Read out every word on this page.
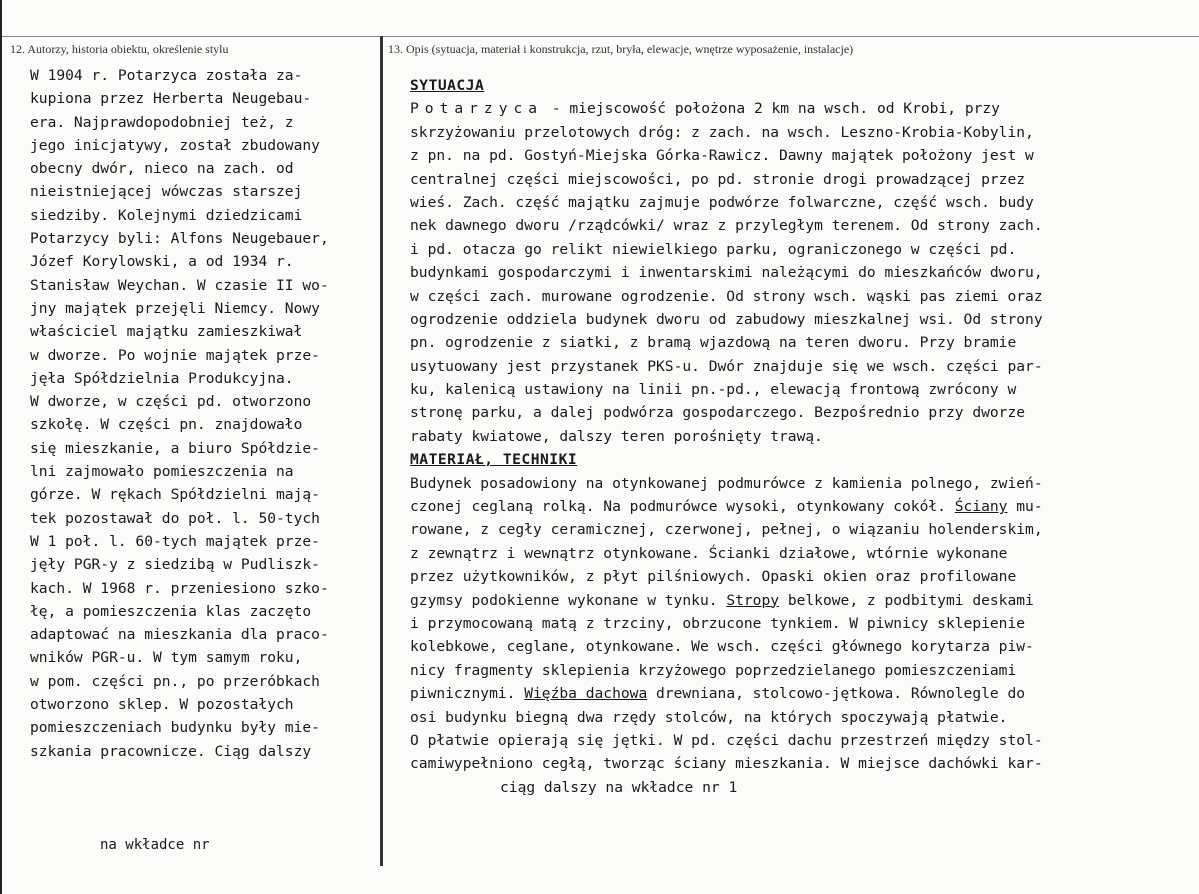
12. Autorzy, historia obiektu, określenie stylu	13. Opis (sytuacja, materiał i konstrukcja, rzut, bryła, elewacje, wnętrze wyposażenie, instalacje)
W 1904 r. Potarzyca została za-
kupiona przez Herberta Neugebau-
era. Najprawdopodobniej też, z
jego inicjatywy, został zbudowany
obecny dwór, nieco na zach. od
nieistniejącej wówczas starszej
siedziby. Kolejnymi dziedzicami
Potarzycy byli: Alfons Neugebauer,
Józef Korylowski, a od 1934 r.
Stanisław Weychan. W czasie II wo-
jny majątek przejęli Niemcy. Nowy
właściciel majątku zamieszkiwał
w dworze. Po wojnie majątek prze-
jęła Spółdzielnia Produkcyjna.
W dworze, w części pd. otworzono
szkołę. W części pn. znajdowało
się mieszkanie, a biuro Spółdzie-
lni zajmowało pomieszczenia na
górze. W rękach Spółdzielni mają-
tek pozostawał do poł. l. 50-tych
W 1 poł. l. 60-tych majątek prze-
jęły PGR-y z siedzibą w Pudliszk-
kach. W 1968 r. przeniesiono szko-
łę, a pomieszczenia klas zaczęto
adaptować na mieszkania dla praco-
wników PGR-u. W tym samym roku,
w pom. części pn., po przeróbkach
otworzono sklep. W pozostałych
pomieszczeniach budynku były mie-
szkania pracownicze. Ciąg dalszy
na wkładce nr
SYTUACJA
Potarzyca - miejscowość położona 2 km na wsch. od Krobi, przy
skrzyżowaniu przelotowych dróg: z zach. na wsch. Leszno-Krobia-Kobylin,
z pn. na pd. Gostyń-Miejska Górka-Rawicz. Dawny majątek położony jest w
centralnej części miejscowości, po pd. stronie drogi prowadzącej przez
wieś. Zach. część majątku zajmuje podwórze folwarczne, część wsch. budy
nek dawnego dworu /rządcówki/ wraz z przyległym terenem. Od strony zach.
i pd. otacza go relikt niewielkiego parku, ograniczonego w części pd.
budynkami gospodarczymi i inwentarskimi należącymi do mieszkańców dworu,
w części zach. murowane ogrodzenie. Od strony wsch. wąski pas ziemi oraz
ogrodzenie oddziela budynek dworu od zabudowy mieszkalnej wsi. Od strony
pn. ogrodzenie z siatki, z bramą wjazdową na teren dworu. Przy bramie
usytuowany jest przystanek PKS-u. Dwór znajduje się we wsch. części par-
ku, kalenicą ustawiony na linii pn.-pd., elewacją frontową zwrócony w
stronę parku, a dalej podwórza gospodarczego. Bezpośrednio przy dworze
rabaty kwiatowe, dalszy teren porośnięty trawą.
MATERIAŁ, TECHNIKI
Budynek posadowiony na otynkowanej podmurówce z kamienia polnego, zwień-
czonej ceglaną rolką. Na podmurówce wysoki, otynkowany cokół. Ściany mu-
rowane, z cegły ceramicznej, czerwonej, pełnej, o wiązaniu holenderskim,
z zewnątrz i wewnątrz otynkowane. Ścianki działowe, wtórnie wykonane
przez użytkowników, z płyt pilśniowych. Opaski okien oraz profilowane
gzymsy podokienne wykonane w tynku. Stropy belkowe, z podbitymi deskami
i przymocowaną matą z trzciny, obrzucone tynkiem. W piwnicy sklepienie
kolebkowe, ceglane, otynkowane. We wsch. części głównego korytarza piw-
nicy fragmenty sklepienia krzyżowego poprzedzielanego pomieszczeniami
piwnicznymi. Więźba dachowa drewniana, stolcowo-jętkowa. Równolegle do
osi budynku biegną dwa rzędy stolców, na których spoczywają płatwie.
O płatwie opierają się jętki. W pd. części dachu przestrzeń między stol-
camiwypełniono cegłą, tworząc ściany mieszkania. W miejsce dachówki kar-
ciąg dalszy na wkładce nr 1
